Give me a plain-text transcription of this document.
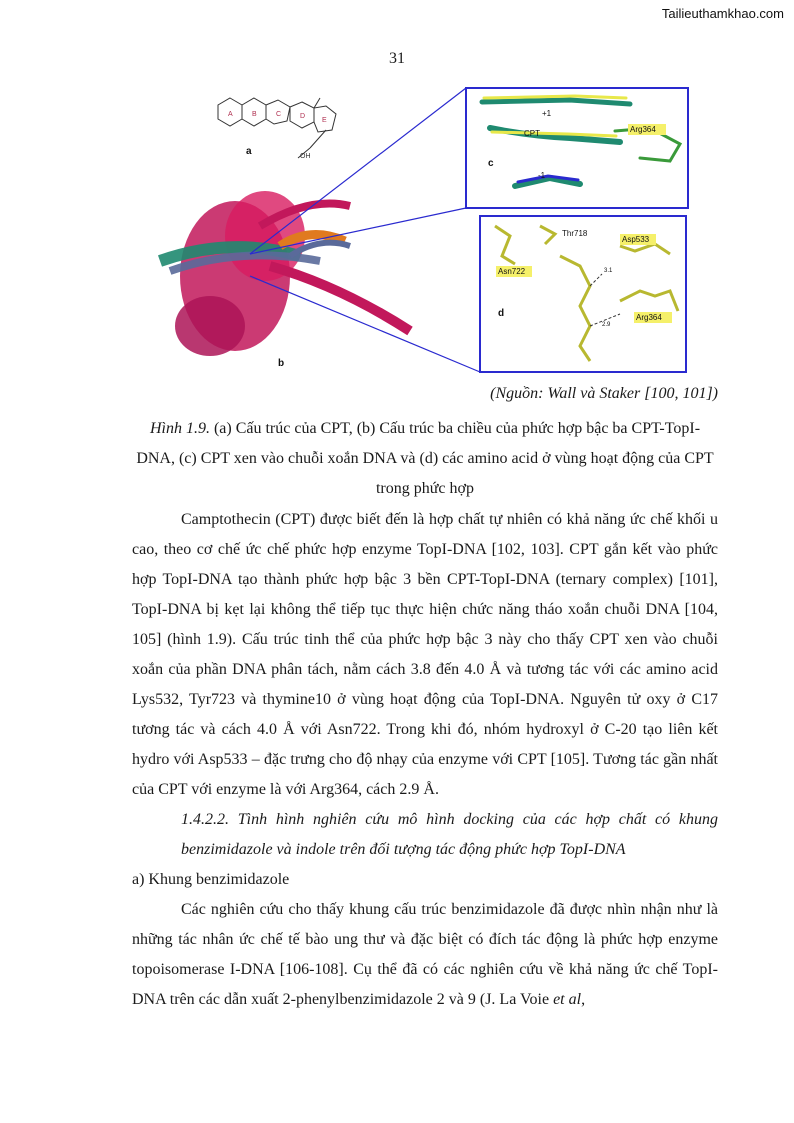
Tailieuthamkhao.com
31
A	B	C	D
E
OH
a
b
+1
CPT	Arg364
-1
c
Thr718
Asp533
Asn722
Arg364
3.1
2.9
d
(Nguồn: Wall và Staker [100, 101])
Hình 1.9. (a) Cấu trúc của CPT, (b) Cấu trúc ba chiều của phức hợp bậc ba CPT-TopI-DNA, (c) CPT xen vào chuỗi xoắn DNA và (d) các amino acid ở vùng hoạt động của CPT trong phức hợp

Camptothecin (CPT) được biết đến là hợp chất tự nhiên có khả năng ức chế khối u cao, theo cơ chế ức chế phức hợp enzyme TopI-DNA [102, 103]. CPT gắn kết vào phức hợp TopI-DNA tạo thành phức hợp bậc 3 bền CPT-TopI-DNA (ternary complex) [101], TopI-DNA bị kẹt lại không thể tiếp tục thực hiện chức năng tháo xoắn chuỗi DNA [104, 105] (hình 1.9). Cấu trúc tinh thể của phức hợp bậc 3 này cho thấy CPT xen vào chuỗi xoắn của phần DNA phân tách, nằm cách 3.8 đến 4.0 Å và tương tác với các amino acid Lys532, Tyr723 và thymine10 ở vùng hoạt động của TopI-DNA. Nguyên tử oxy ở C17 tương tác và cách 4.0 Å với Asn722. Trong khi đó, nhóm hydroxyl ở C-20 tạo liên kết hydro với Asp533 – đặc trưng cho độ nhạy của enzyme với CPT [105]. Tương tác gần nhất của CPT với enzyme là với Arg364, cách 2.9 Å.

1.4.2.2. Tình hình nghiên cứu mô hình docking của các hợp chất có khung benzimidazole và indole trên đối tượng tác động phức hợp TopI-DNA

a) Khung benzimidazole

Các nghiên cứu cho thấy khung cấu trúc benzimidazole đã được nhìn nhận như là những tác nhân ức chế tế bào ung thư và đặc biệt có đích tác động là phức hợp enzyme topoisomerase I-DNA [106-108]. Cụ thể đã có các nghiên cứu về khả năng ức chế TopI-DNA trên các dẫn xuất 2-phenylbenzimidazole 2 và 9 (J. La Voie et al,
